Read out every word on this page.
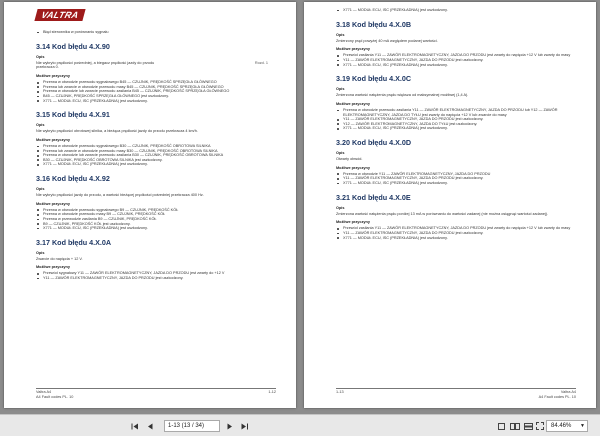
VALTRA
Błąd sterownika w porównaniu sygnału
3.14 Kod błędu 4.X.90
Opis
Nie wykryto prędkości pośredniej, a biegacz prędkość jazdy do przodu przekracza 0.
Rozd. 1
Możliwe przyczyny
Przerwa w obwodzie przewodu sygnałowego B45 — CZUJNIK, PRĘDKOŚĆ SPRZĘGŁA GŁÓWNEGO
Przerwa lub zwarcie w obwodzie przewodu masy B45 — CZUJNIK, PRĘDKOŚĆ SPRZĘGŁA GŁÓWNEGO
Przerwa w obwodzie lub zwarcie przewodu zasilania B45 — CZUJNIK, PRĘDKOŚĆ SPRZĘGŁA GŁÓWNEGO
B45 — CZUJNIK, PRĘDKOŚĆ SPRZĘGŁA GŁÓWNEGO jest uszkodzony.
X771 — MODUŁ ECU, ISC (PRZEKŁADNIA) jest uszkodzony.
3.15 Kod błędu 4.X.91
Opis
Nie wykryto prędkości obrotowej silnika, a bieżąca prędkość jazdy do przodu przekracza 4 km/h.
Możliwe przyczyny
Przerwa w obwodzie przewodu sygnałowego B30 — CZUJNIK, PRĘDKOŚĆ OBROTOWA SILNIKA
Przerwa lub zwarcie w obwodzie przewodu masy B30 — CZUJNIK, PRĘDKOŚĆ OBROTOWA SILNIKA
Przerwa w obwodzie lub zwarcie przewodu zasilania B30 — CZUJNIK, PRĘDKOŚĆ OBROTOWA SILNIKA
B30 — CZUJNIK, PRĘDKOŚĆ OBROTOWA SILNIKA jest uszkodzony.
X771 — MODUŁ ECU, ISC (PRZEKŁADNIA) jest uszkodzony.
3.16 Kod błędu 4.X.92
Opis
Nie wykryto prędkości jazdy do przodu, a wartość bieżącej prędkości pośredniej przekracza 400 Hz.
Możliwe przyczyny
Przerwa w obwodzie przewodu sygnałowego B9 — CZUJNIK, PRĘDKOŚĆ KÓŁ
Przerwa w obwodzie przewodu masy B9 — CZUJNIK, PRĘDKOŚĆ KÓŁ
Przerwa w przewodzie zasilania B9 — CZUJNIK, PRĘDKOŚĆ KÓŁ
B9 — CZUJNIK, PRĘDKOŚĆ KÓŁ jest uszkodzony.
X771 — MODUŁ ECU, ISC (PRZEKŁADNIA) jest uszkodzony.
3.17 Kod błędu 4.X.0A
Opis
Zwarcie do napięcia + 12 V.
Możliwe przyczyny
Przewód sygnałowy Y11 — ZAWÓR ELEKTROMAGNETYCZNY, JAZDA DO PRZODU jest zwarty do +12 V
Y11 — ZAWÓR ELEKTROMAGNETYCZNY, JAZDA DO PRZODU jest uszkodzony.
Valtra A4
A4 Fault codes PL. 10
1-12
X771 — MODUŁ ECU, ISC (PRZEKŁADNIA) jest uszkodzony.
3.18 Kod błędu 4.X.0B
Opis
Zmierzony prąd powyżej 40 mA względem podanej wartości.
Możliwe przyczyny
Przewód zasilania Y11 — ZAWÓR ELEKTROMAGNETYCZNY, JAZDA DO PRZODU jest zwarty do napięcia +12 V lub zwarty do masy
Y11 — ZAWÓR ELEKTROMAGNETYCZNY, JAZDA DO PRZODU jest uszkodzony.
X771 — MODUŁ ECU, ISC (PRZEKŁADNIA) jest uszkodzony.
3.19 Kod błędu 4.X.0C
Opis
Zmierzona wartość natężenia prądu większa od maksymalnej możliwej (1,4 A).
Możliwe przyczyny
Przerwa w obwodzie przewodu zasilania Y11 — ZAWÓR ELEKTROMAGNETYCZNY, JAZDA DO PRZODU lub Y12 — ZAWÓR ELEKTROMAGNETYCZNY, JAZDA DO TYŁU jest zwarty do napięcia +12 V lub zwarcie do masy
Y11 — ZAWÓR ELEKTROMAGNETYCZNY, JAZDA DO PRZODU jest uszkodzony.
Y12 — ZAWÓR ELEKTROMAGNETYCZNY, JAZDA DO TYŁU jest uszkodzony.
X771 — MODUŁ ECU, ISC (PRZEKŁADNIA) jest uszkodzony.
3.20 Kod błędu 4.X.0D
Opis
Otwarty obwód.
Możliwe przyczyny
Przerwa w obwodzie Y11 — ZAWÓR ELEKTROMAGNETYCZNY, JAZDA DO PRZODU
Y11 — ZAWÓR ELEKTROMAGNETYCZNY, JAZDA DO PRZODU jest uszkodzony.
X771 — MODUŁ ECU, ISC (PRZEKŁADNIA) jest uszkodzony.
3.21 Kod błędu 4.X.0E
Opis
Zmierzona wartość natężenia prądu poniżej 13 mA w porównaniu do wartości zadanej (nie można osiągnąć wartości zadanej).
Możliwe przyczyny
Przewód zasilania Y11 — ZAWÓR ELEKTROMAGNETYCZNY, JAZDA DO PRZODU jest zwarty do napięcia +12 V lub zwarty do masy
Y11 — ZAWÓR ELEKTROMAGNETYCZNY, JAZDA DO PRZODU jest uszkodzony.
X771 — MODUŁ ECU, ISC (PRZEKŁADNIA) jest uszkodzony.
Valtra A4
A4 Fault codes PL. 10
1-13
1-13 (13 / 34)	84.46% ▼
